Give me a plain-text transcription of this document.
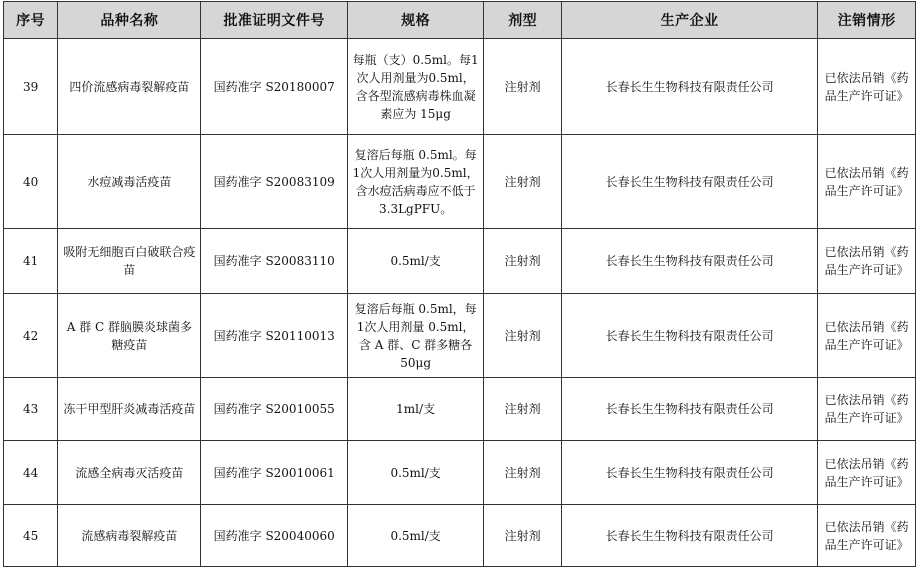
序号	品种名称	批准证明文件号	规格	剂型	生产企业	注销情形
39	四价流感病毒裂解疫苗	国药准字 S20180007	每瓶（支）0.5ml。每1次人用剂量为0.5ml，含各型流感病毒株血凝素应为 15μg	注射剂	长春长生生物科技有限责任公司	已依法吊销《药品生产许可证》
40	水痘减毒活疫苗	国药准字 S20083109	复溶后每瓶 0.5ml。每1次人用剂量为0.5ml，含水痘活病毒应不低于 3.3LgPFU。	注射剂	长春长生生物科技有限责任公司	已依法吊销《药品生产许可证》
41	吸附无细胞百白破联合疫苗	国药准字 S20083110	0.5ml/支	注射剂	长春长生生物科技有限责任公司	已依法吊销《药品生产许可证》
42	A 群 C 群脑膜炎球菌多糖疫苗	国药准字 S20110013	复溶后每瓶 0.5ml，每1次人用剂量 0.5ml，含 A 群、C 群多糖各50μg	注射剂	长春长生生物科技有限责任公司	已依法吊销《药品生产许可证》
43	冻干甲型肝炎减毒活疫苗	国药准字 S20010055	1ml/支	注射剂	长春长生生物科技有限责任公司	已依法吊销《药品生产许可证》
44	流感全病毒灭活疫苗	国药准字 S20010061	0.5ml/支	注射剂	长春长生生物科技有限责任公司	已依法吊销《药品生产许可证》
45	流感病毒裂解疫苗	国药准字 S20040060	0.5ml/支	注射剂	长春长生生物科技有限责任公司	已依法吊销《药品生产许可证》
